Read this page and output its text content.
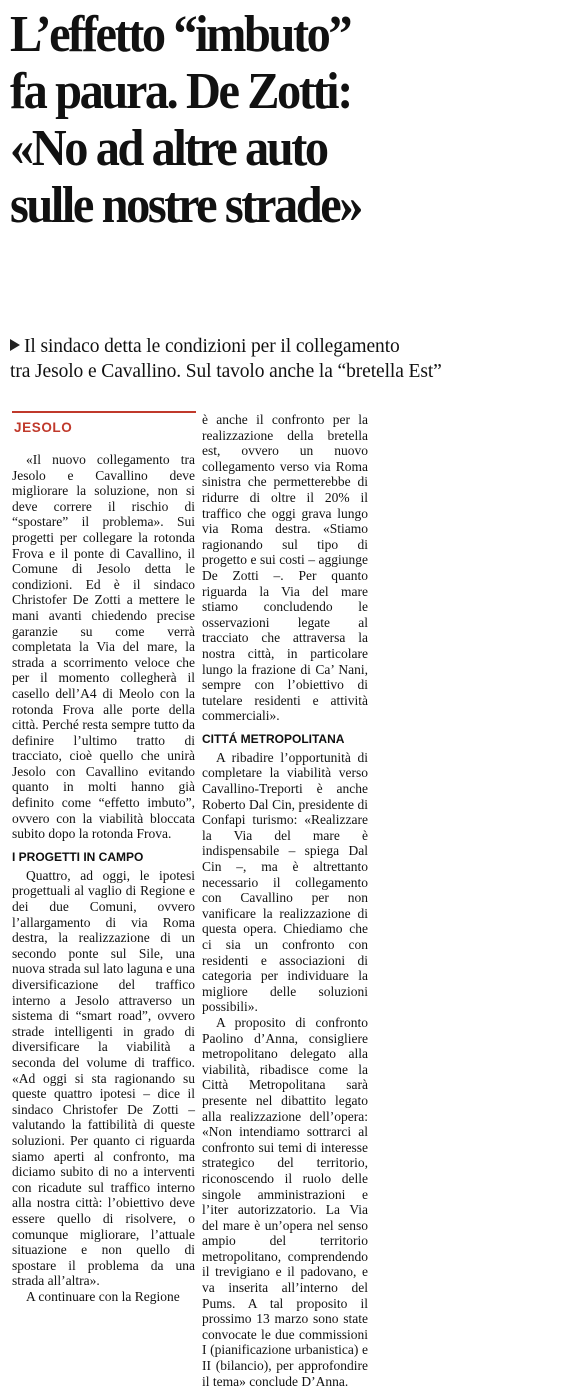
L’effetto “imbuto”
fa paura. De Zotti:
«No ad altre auto
sulle nostre strade»
Il sindaco detta le condizioni per il collegamento
tra Jesolo e Cavallino. Sul tavolo anche la “bretella Est”
JESOLO

«Il nuovo collegamento tra Jesolo e Cavallino deve migliorare la soluzione, non si deve correre il rischio di “spostare” il problema». Sui progetti per collegare la rotonda Frova e il ponte di Cavallino, il Comune di Jesolo detta le condizioni. Ed è il sindaco Christofer De Zotti a mettere le mani avanti chiedendo precise garanzie su come verrà completata la Via del mare, la strada a scorrimento veloce che per il momento collegherà il casello dell’A4 di Meolo con la rotonda Frova alle porte della città. Perché resta sempre tutto da definire l’ultimo tratto di tracciato, cioè quello che unirà Jesolo con Cavallino evitando quanto in molti hanno già definito come “effetto imbuto”, ovvero con la viabilità bloccata subito dopo la rotonda Frova.

I PROGETTI IN CAMPO

Quattro, ad oggi, le ipotesi progettuali al vaglio di Regione e dei due Comuni, ovvero l’allargamento di via Roma destra, la realizzazione di un secondo ponte sul Sile, una nuova strada sul lato laguna e una diversificazione del traffico interno a Jesolo attraverso un sistema di “smart road”, ovvero strade intelligenti in grado di diversificare la viabilità a seconda del volume di traffico. «Ad oggi si sta ragionando su queste quattro ipotesi – dice il sindaco Christofer De Zotti – valutando la fattibilità di queste soluzioni. Per quanto ci riguarda siamo aperti al confronto, ma diciamo subito di no a interventi con ricadute sul traffico interno alla nostra città: l’obiettivo deve essere quello di risolvere, o comunque migliorare, l’attuale situazione e non quello di spostare il problema da una strada all’altra».

A continuare con la Regione

è anche il confronto per la realizzazione della bretella est, ovvero un nuovo collegamento verso via Roma sinistra che permetterebbe di ridurre di oltre il 20% il traffico che oggi grava lungo via Roma destra. «Stiamo ragionando sul tipo di progetto e sui costi – aggiunge De Zotti –. Per quanto riguarda la Via del mare stiamo concludendo le osservazioni legate al tracciato che attraversa la nostra città, in particolare lungo la frazione di Ca’ Nani, sempre con l’obiettivo di tutelare residenti e attività commerciali».

CITTÁ METROPOLITANA

A ribadire l’opportunità di completare la viabilità verso Cavallino-Treporti è anche Roberto Dal Cin, presidente di Confapi turismo: «Realizzare la Via del mare è indispensabile – spiega Dal Cin –, ma è altrettanto necessario il collegamento con Cavallino per non vanificare la realizzazione di questa opera. Chiediamo che ci sia un confronto con residenti e associazioni di categoria per individuare la migliore delle soluzioni possibili».

A proposito di confronto Paolino d’Anna, consigliere metropolitano delegato alla viabilità, ribadisce come la Città Metropolitana sarà presente nel dibattito legato alla realizzazione dell’opera: «Non intendiamo sottrarci al confronto sui temi di interesse strategico del territorio, riconoscendo il ruolo delle singole amministrazioni e l’iter autorizzatorio. La Via del mare è un’opera nel senso ampio del territorio metropolitano, comprendendo il trevigiano e il padovano, e va inserita all’interno del Pums. A tal proposito il prossimo 13 marzo sono state convocate le due commissioni I (pianificazione urbanistica) e II (bilancio), per approfondire il tema» conclude D’Anna.
